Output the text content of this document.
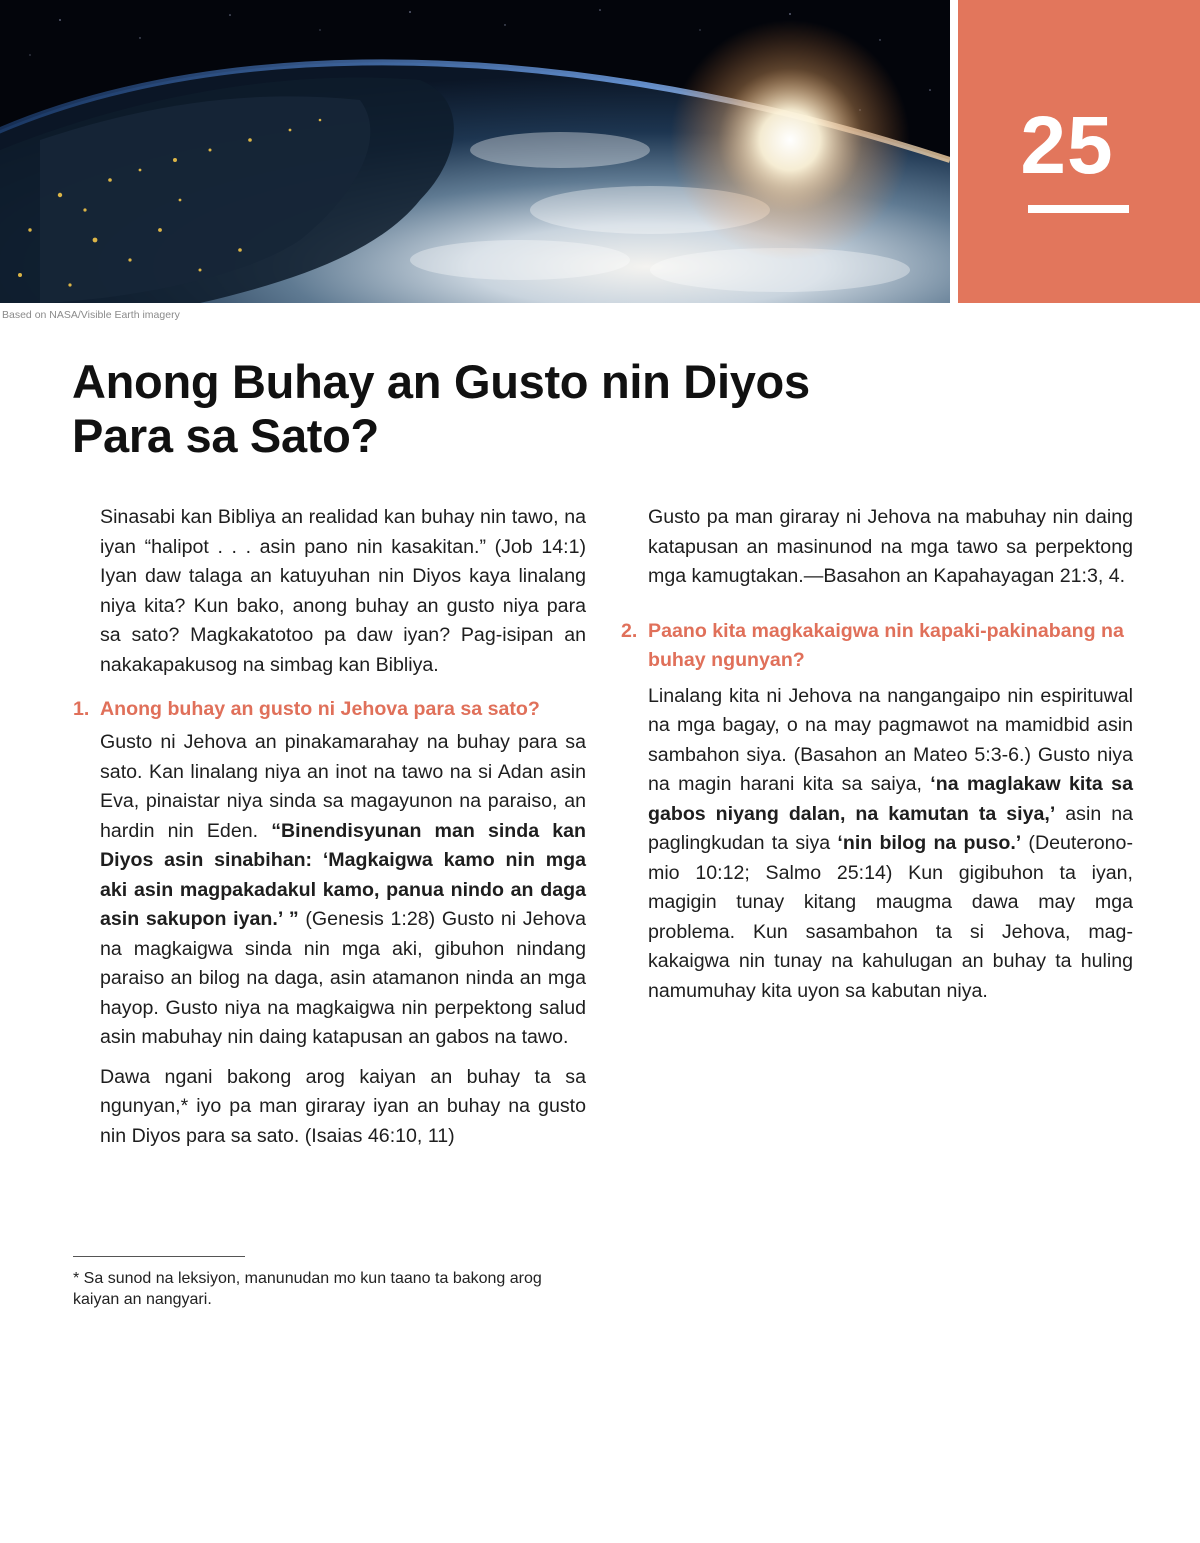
25
Based on NASA/Visible Earth imagery
Anong Buhay an Gusto nin Diyos
Para sa Sato?

Sinasabi kan Bibliya an realidad kan buhay nin tawo, na iyan “halipot . . . asin pano nin kasakitan.” (Job 14:1) Iyan daw talaga an katuyuhan nin Diyos kaya linalang niya kita? Kun bako, anong buhay an gusto niya para sa sato? Magkakatotoo pa daw iyan? Pag-isipan an nakakapakusog na simbag kan Bibliya.

1. Anong buhay an gusto ni Jehova para sa sato?

Gusto ni Jehova an pinakamarahay na buhay para sa sato. Kan linalang niya an inot na tawo na si Adan asin Eva, pinaistar niya sinda sa magayunon na paraiso, an hardin nin Eden. “Binendisyunan man sinda kan Diyos asin sinabihan: ‘Magkaigwa kamo nin mga aki asin magpakadakul kamo, panua nindo an daga asin sakupon iyan.’ ” (Genesis 1:28) Gusto ni Jehova na magkaigwa sinda nin mga aki, gibuhon nindang paraiso an bilog na daga, asin atamanon ninda an mga hayop. Gusto niya na magkaigwa nin perpektong salud asin mabuhay nin daing katapusan an gabos na tawo.

Dawa ngani bakong arog kaiyan an buhay ta sa ngunyan,* iyo pa man giraray iyan an buhay na gusto nin Diyos para sa sato. (Isaias 46:10, 11)

Gusto pa man giraray ni Jehova na mabuhay nin daing katapusan an masinunod na mga tawo sa perpektong mga kamugtakan.—Basahon an Kapahayagan 21:3, 4.

2. Paano kita magkakaigwa nin kapaki-pakinabang na buhay ngunyan?

Linalang kita ni Jehova na nangangaipo nin espirituwal na mga bagay, o na may pagmawot na mamidbid asin sambahon siya. (Basahon an Mateo 5:3-6.) Gusto niya na magin harani kita sa saiya, ‘na maglakaw kita sa gabos niyang dalan, na kamutan ta siya,’ asin na paglingkudan ta siya ‘nin bilog na puso.’ (Deuteronomio 10:12; Salmo 25:14) Kun gigibuhon ta iyan, magigin tunay kitang maugma dawa may mga problema. Kun sasambahon ta si Jehova, magkakaigwa nin tunay na kahulugan an buhay ta huling namumuhay kita uyon sa kabutan niya.

* Sa sunod na leksiyon, manunudan mo kun taano ta bakong arog kaiyan an nangyari.
